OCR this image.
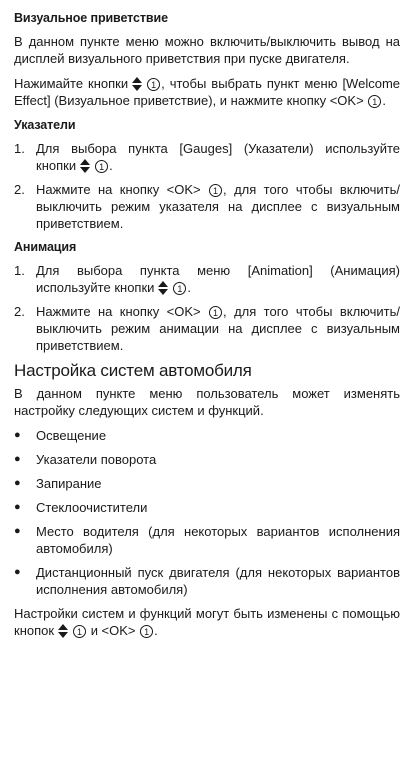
Визуальное приветствие

В данном пункте меню можно включить/выключить вывод на дисплей визуального приветствия при пуске двигателя.

Нажимайте кнопки	1 , чтобы выбрать пункт меню [Welcome Effect] (Визуальное приветствие), и нажмите кнопку <OK> 1 .

Указатели
1. Для выбора пункта [Gauges] (Указатели) используйте кнопки	1 .
2. Нажмите на кнопку <OK> 1 , для того чтобы включить/выключить режим указателя на дисплее с визуальным приветствием.
Анимация
1. Для выбора пункта меню [Animation] (Анимация) используйте кнопки	1 .
2. Нажмите на кнопку <OK> 1 , для того чтобы включить/выключить режим анимации на дисплее с визуальным приветствием.
Настройка систем автомобиля

В данном пункте меню пользователь может изменять настройку следующих систем и функций.

●	Освещение
●	Указатели поворота
●	Запирание
●	Стеклоочистители
●	Место водителя (для некоторых вариантов исполнения автомобиля)
●	Дистанционный пуск двигателя (для некоторых вариантов исполнения автомобиля)

Настройки систем и функций могут быть изменены с помощью кнопок	1 и <OK> 1 .
